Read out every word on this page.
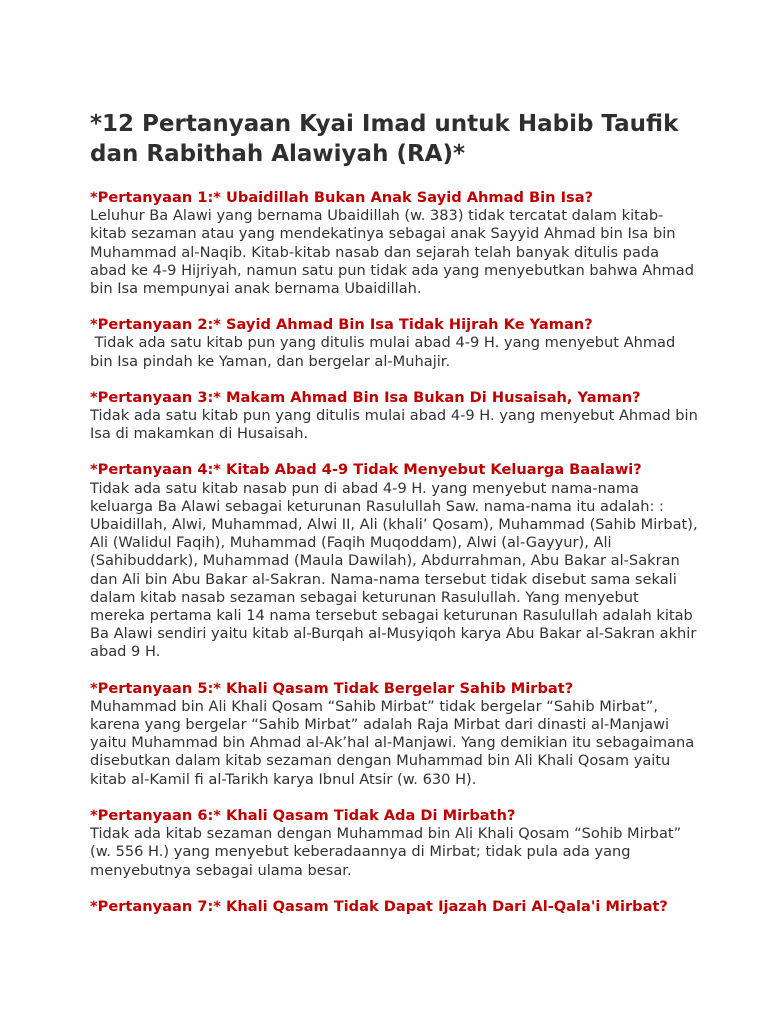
*12 Pertanyaan Kyai Imad untuk Habib Taufik dan Rabithah Alawiyah (RA)*

*Pertanyaan 1:* Ubaidillah Bukan Anak Sayid Ahmad Bin Isa?

Leluhur Ba Alawi yang bernama Ubaidillah (w. 383) tidak tercatat dalam kitab-kitab sezaman atau yang mendekatinya sebagai anak Sayyid Ahmad bin Isa bin Muhammad al-Naqib. Kitab-kitab nasab dan sejarah telah banyak ditulis pada abad ke 4-9 Hijriyah, namun satu pun tidak ada yang menyebutkan bahwa Ahmad bin Isa mempunyai anak bernama Ubaidillah.

*Pertanyaan 2:* Sayid Ahmad Bin Isa Tidak Hijrah Ke Yaman?

Tidak ada satu kitab pun yang ditulis mulai abad 4-9 H. yang menyebut Ahmad bin Isa pindah ke Yaman, dan bergelar al-Muhajir.

*Pertanyaan 3:* Makam Ahmad Bin Isa Bukan Di Husaisah, Yaman?

Tidak ada satu kitab pun yang ditulis mulai abad 4-9 H. yang menyebut Ahmad bin Isa di makamkan di Husaisah.

*Pertanyaan 4:* Kitab Abad 4-9 Tidak Menyebut Keluarga Baalawi?

Tidak ada satu kitab nasab pun di abad 4-9 H. yang menyebut nama-nama keluarga Ba Alawi sebagai keturunan Rasulullah Saw. nama-nama itu adalah: : Ubaidillah, Alwi, Muhammad, Alwi II, Ali (khali’ Qosam), Muhammad (Sahib Mirbat), Ali (Walidul Faqih), Muhammad (Faqih Muqoddam), Alwi (al-Gayyur), Ali (Sahibuddark), Muhammad (Maula Dawilah), Abdurrahman, Abu Bakar al-Sakran dan Ali bin Abu Bakar al-Sakran. Nama-nama tersebut tidak disebut sama sekali dalam kitab nasab sezaman sebagai keturunan Rasulullah. Yang menyebut mereka pertama kali 14 nama tersebut sebagai keturunan Rasulullah adalah kitab Ba Alawi sendiri yaitu kitab al-Burqah al-Musyiqoh karya Abu Bakar al-Sakran akhir abad 9 H.

*Pertanyaan 5:* Khali Qasam Tidak Bergelar Sahib Mirbat?

Muhammad bin Ali Khali Qosam “Sahib Mirbat” tidak bergelar “Sahib Mirbat”, karena yang bergelar “Sahib Mirbat” adalah Raja Mirbat dari dinasti al-Manjawi yaitu Muhammad bin Ahmad al-Ak’hal al-Manjawi. Yang demikian itu sebagaimana disebutkan dalam kitab sezaman dengan Muhammad bin Ali Khali Qosam yaitu kitab al-Kamil fi al-Tarikh karya Ibnul Atsir (w. 630 H).

*Pertanyaan 6:* Khali Qasam Tidak Ada Di Mirbath?

Tidak ada kitab sezaman dengan Muhammad bin Ali Khali Qosam “Sohib Mirbat” (w. 556 H.) yang menyebut keberadaannya di Mirbat; tidak pula ada yang menyebutnya sebagai ulama besar.

*Pertanyaan 7:* Khali Qasam Tidak Dapat Ijazah Dari Al-Qala'i Mirbat?
